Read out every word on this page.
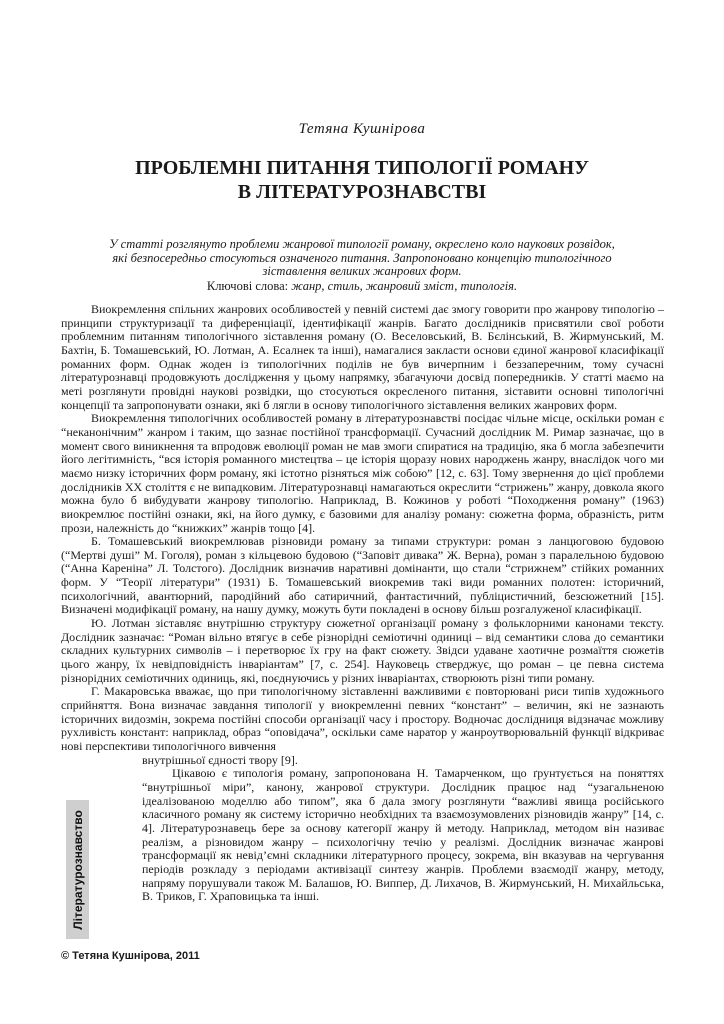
Тетяна Кушнірова
ПРОБЛЕМНІ ПИТАННЯ ТИПОЛОГІЇ РОМАНУ
В ЛІТЕРАТУРОЗНАВСТВІ
У статті розглянуто проблеми жанрової типології роману, окреслено коло наукових розвідок, які безпосередньо стосуються означеного питання. Запропоновано концепцію типологічного зіставлення великих жанрових форм.
Ключові слова: жанр, стиль, жанровий зміст, типологія.

Виокремлення спільних жанрових особливостей у певній системі дає змогу говорити про жанрову типологію – принципи структуризації та диференціації, ідентифікації жанрів. Багато дослідників присвятили свої роботи проблемним питанням типологічного зіставлення роману (О. Веселовський, В. Бєлінський, В. Жирмунський, М. Бахтін, Б. Томашевський, Ю. Лотман, А. Есалнек та інші), намагалися закласти основи єдиної жанрової класифікації романних форм. Однак жоден із типологічних поділів не був вичерпним і беззаперечним, тому сучасні літературознавці продовжують дослідження у цьому напрямку, збагачуючи досвід попередників. У статті маємо на меті розглянути провідні наукові розвідки, що стосуються окресленого питання, зіставити основні типологічні концепції та запропонувати ознаки, які б лягли в основу типологічного зіставлення великих жанрових форм.

Виокремлення типологічних особливостей роману в літературознавстві посідає чільне місце, оскільки роман є “неканонічним” жанром і таким, що зазнає постійної трансформації. Сучасний дослідник М. Римар зазначає, що в момент свого виникнення та впродовж еволюції роман не мав змоги спиратися на традицію, яка б могла забезпечити його легітимність, “вся історія романного мистецтва – це історія щоразу нових народжень жанру, внаслідок чого ми маємо низку історичних форм роману, які істотно різняться між собою” [12, с. 63]. Тому звернення до цієї проблеми дослідників ХХ століття є не випадковим. Літературознавці намагаються окреслити “стрижень” жанру, довкола якого можна було б вибудувати жанрову типологію. Наприклад, В. Кожинов у роботі “Походження роману” (1963) виокремлює постійні ознаки, які, на його думку, є базовими для аналізу роману: сюжетна форма, образність, ритм прози, належність до “книжких” жанрів тощо [4].

Б. Томашевський виокремлював різновиди роману за типами структури: роман з ланцюговою будовою (“Мертві душі” М. Гоголя), роман з кільцевою будовою (“Заповіт дивака” Ж. Верна), роман з паралельною будовою (“Анна Кареніна” Л. Толстого). Дослідник визначив наративні домінанти, що стали “стрижнем” стійких романних форм. У “Теорії літератури” (1931) Б. Томашевський виокремив такі види романних полотен: історичний, психологічний, авантюрний, пародійний або сатиричний, фантастичний, публіцистичний, безсюжетний [15]. Визначені модифікації роману, на нашу думку, можуть бути покладені в основу більш розгалуженої класифікації.

Ю. Лотман зіставляє внутрішню структуру сюжетної організації роману з фольклорними канонами тексту. Дослідник зазначає: “Роман вільно втягує в себе різнорідні семіотичні одиниці – від семантики слова до семантики складних культурних символів – і перетворює їх гру на факт сюжету. Звідси удаване хаотичне розмаїття сюжетів цього жанру, їх невідповідність інваріантам” [7, с. 254]. Науковець стверджує, що роман – це певна система різнорідних семіотичних одиниць, які, поєднуючись у різних інваріантах, створюють різні типи роману.

Г. Макаровська вважає, що при типологічному зіставленні важливими є повторювані риси типів художнього сприйняття. Вона визначає завдання типології у виокремленні певних “констант” – величин, які не зазнають історичних видозмін, зокрема постійні способи організації часу і простору. Водночас дослідниця відзначає можливу рухливість констант: наприклад, образ “оповідача”, оскільки саме наратор у жанроутворювальній функції відкриває нові перспективи типологічного вивчення

внутрішньої єдності твору [9].

Цікавою є типологія роману, запропонована Н. Тамарченком, що ґрунтується на поняттях “внутрішньої міри”, канону, жанрової структури. Дослідник працює над “узагальненою ідеалізованою моделлю або типом”, яка б дала змогу розглянути “важливі явища російського класичного роману як систему історично необхідних та взаємозумовлених різновидів жанру” [14, с. 4]. Літературознавець бере за основу категорії жанру й методу. Наприклад, методом він називає реалізм, а різновидом жанру – психологічну течію у реалізмі. Дослідник визначає жанрові трансформації як невід’ємні складники літературного процесу, зокрема, він вказував на чергування періодів розкладу з періодами активізації синтезу жанрів. Проблеми взаємодії жанру, методу, напряму порушували також М. Балашов, Ю. Виппер, Д. Лихачов, В. Жирмунський, Н. Михайльська, В. Триков, Г. Храповицька та інші.

Літературознавство
© Тетяна Кушнірова, 2011
